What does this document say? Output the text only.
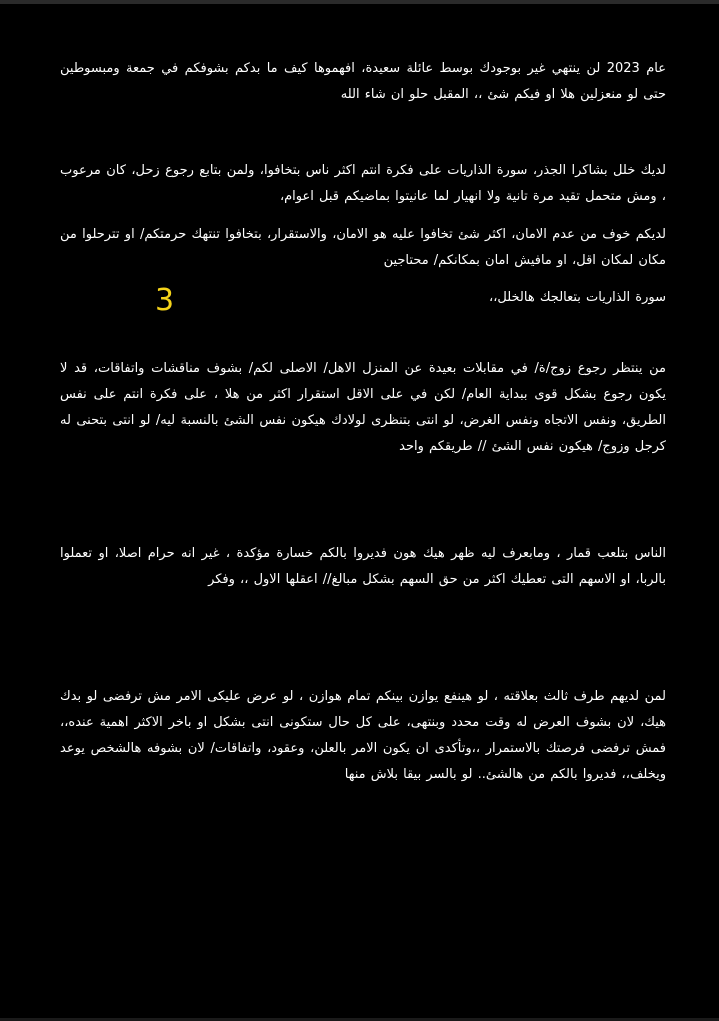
عام 2023 لن ينتهي غير بوجودك بوسط عائلة سعيدة، افهموها كيف ما بدكم بشوفكم في جمعة ومبسوطين حتى لو منعزلين هلا او فيكم شئ ،، المقبل حلو ان شاء الله
لديك خلل بشاكرا الجذر، سورة الذاريات على فكرة انتم اكثر ناس بتخافوا، ولمن بتابع رجوع زحل، كان مرعوب ، ومش متحمل تقيد مرة تانية ولا انهيار لما عانيتوا بماضيكم قبل اعوام،
لديكم خوف من عدم الامان، اكثر شئ تخافوا عليه هو الامان، والاستقرار، بتخافوا تنتهك حرمتكم/ او تترحلوا من مكان لمكان اقل، او مافيش امان بمكانكم/ محتاجين
سورة الذاريات بتعالجك هالخلل،،
3
من ينتظر رجوع زوج/ة/ في مقابلات بعيدة عن المنزل الاهل/ الاصلى لكم/ بشوف مناقشات واتفاقات، قد لا يكون رجوع بشكل قوى ببداية العام/ لكن في على الاقل استقرار اكثر من هلا ، على فكرة انتم على نفس الطريق، ونفس الاتجاه ونفس الغرض، لو انتى بتنظرى لولادك هيكون نفس الشئ بالنسبة ليه/ لو انتى بتحنى له كرجل وزوج/ هيكون نفس الشئ // طريقكم واحد
الناس بتلعب قمار ، ومابعرف ليه ظهر هيك هون فديروا بالكم خسارة مؤكدة ، غير انه حرام اصلا، او تعملوا بالربا، او الاسهم التى تعطيك اكثر من حق السهم بشكل مبالغ// اعقلها الاول ،، وفكر
لمن لديهم طرف ثالث بعلاقته ، لو هينفع يوازن بينكم تمام هوازن ، لو عرض عليكى الامر مش ترفضى لو بدك هيك، لان بشوف العرض له وقت محدد وبنتهى، على كل حال ستكونى انتى بشكل او باخر الاكثر اهمية عنده،، فمش ترفضى فرصتك بالاستمرار ،،وتأكدى ان يكون الامر بالعلن، وعقود، واتفاقات/ لان بشوفه هالشخص يوعد ويخلف،، فديروا بالكم من هالشئ.. لو بالسر بيقا بلاش منها
